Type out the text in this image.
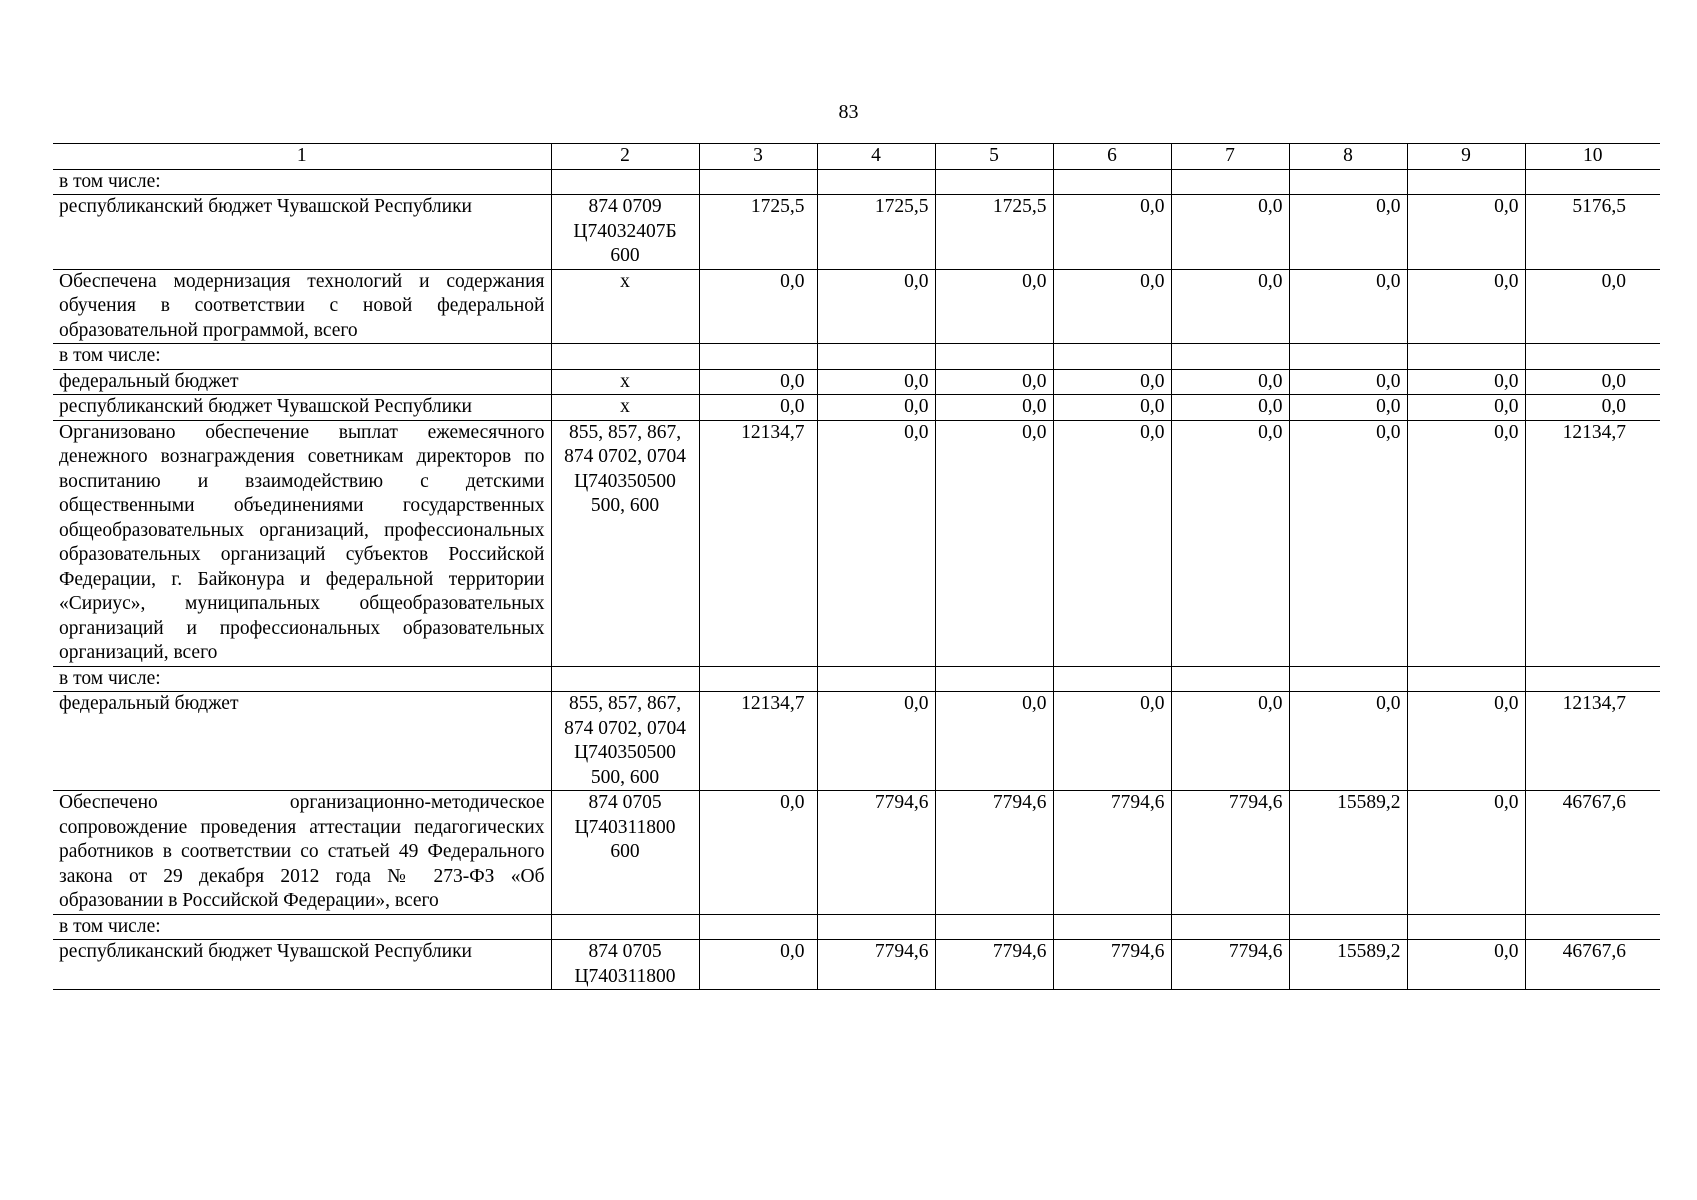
83
1	2	3	4	5	6	7	8	9	10
в том числе:									
республиканский бюджет Чувашской Республики	874 0709 Ц74032407Б 600	1725,5	1725,5	1725,5	0,0	0,0	0,0	0,0	5176,5
Обеспечена модернизация технологий и содержания обучения в соответствии с новой федеральной образовательной программой, всего	х	0,0	0,0	0,0	0,0	0,0	0,0	0,0	0,0
в том числе:									
федеральный бюджет	х	0,0	0,0	0,0	0,0	0,0	0,0	0,0	0,0
республиканский бюджет Чувашской Республики	х	0,0	0,0	0,0	0,0	0,0	0,0	0,0	0,0
Организовано обеспечение выплат ежемесячного денежного вознаграждения советникам директоров по воспитанию и взаимодействию с детскими общественными объединениями государственных общеобразовательных организаций, профессиональных образовательных организаций субъектов Российской Федерации, г. Байконура и федеральной территории «Сириус», муниципальных общеобразовательных организаций и профессиональных образовательных организаций, всего	855, 857, 867, 874 0702, 0704 Ц740350500 500, 600	12134,7	0,0	0,0	0,0	0,0	0,0	0,0	12134,7
в том числе:									
федеральный бюджет	855, 857, 867, 874 0702, 0704 Ц740350500 500, 600	12134,7	0,0	0,0	0,0	0,0	0,0	0,0	12134,7
Обеспечено организационно-методическое сопровождение проведения аттестации педагогических работников в соответствии со статьей 49 Федерального закона от 29 декабря 2012 года № 273-ФЗ «Об образовании в Российской Федерации», всего	874 0705 Ц740311800 600	0,0	7794,6	7794,6	7794,6	7794,6	15589,2	0,0	46767,6
в том числе:									
республиканский бюджет Чувашской Республики	874 0705 Ц740311800	0,0	7794,6	7794,6	7794,6	7794,6	15589,2	0,0	46767,6
